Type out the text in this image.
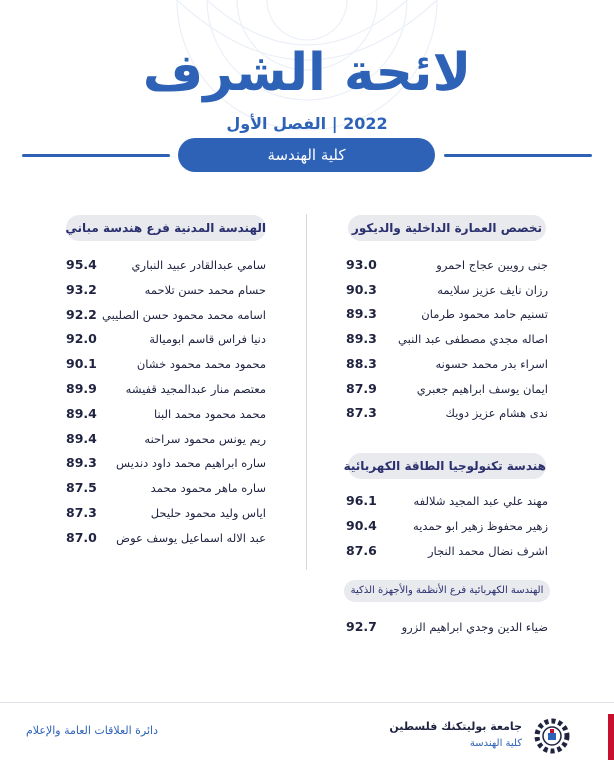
لائحة الشرف
2022 | الفصل الأول
كلية الهندسة
تخصص العمارة الداخلية والديكور
جنى رويين عجاج احمرو
93.0
رزان نايف عزيز سلايمه
90.3
تسنيم حامد محمود طرمان
89.3
اصاله مجدي مصطفى عبد النبي
89.3
اسراء بدر محمد حسونه
88.3
ايمان يوسف ابراهيم جعبري
87.9
ندى هشام عزيز دويك
87.3
هندسة تكنولوجيا الطاقة الكهربائية
مهند علي عبد المجيد شلالفه
96.1
زهير محفوظ زهير ابو حمديه
90.4
اشرف نضال محمد النجار
87.6
الهندسة الكهربائية فرع الأنظمة والأجهزة الذكية
ضياء الدين وجدي ابراهيم الزرو
92.7
الهندسة المدنية فرع هندسة مباني
سامي عبدالقادر عبيد النباري
95.4
حسام محمد حسن تلاحمه
93.2
اسامه محمد محمود حسن الصليبي
92.2
دنيا فراس قاسم ابوميالة
92.0
محمود محمد محمود خشان
90.1
معتصم منار عبدالمجيد قفيشه
89.9
محمد محمود محمد البنا
89.4
ريم يونس محمود سراحنه
89.4
ساره ابراهيم محمد داود دنديس
89.3
ساره ماهر محمود محمد
87.5
اياس وليد محمود حليحل
87.3
عبد الاله اسماعيل يوسف عوض
87.0
دائرة العلاقات العامة والإعلام	جامعة بوليتكنك فلسطين
كلية الهندسة
